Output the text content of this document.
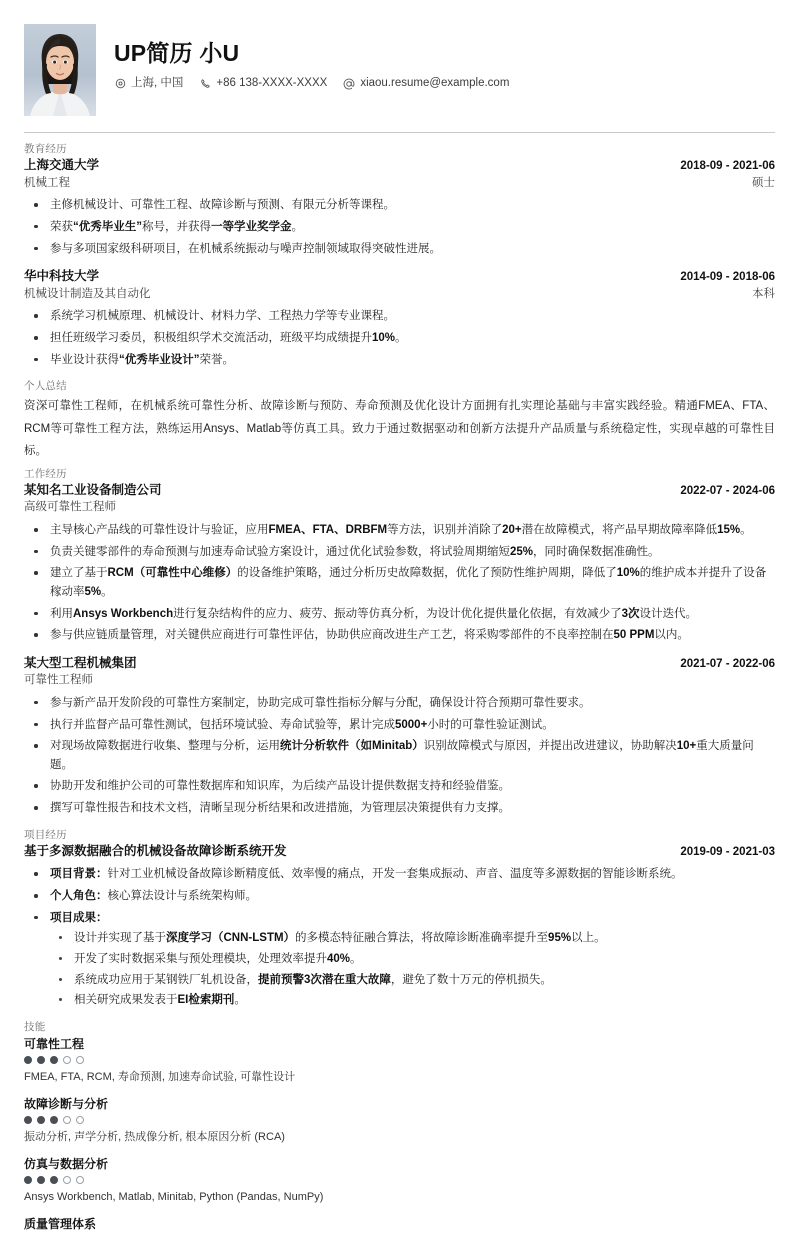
UP简历 小U
上海, 中国	+86 138-XXXX-XXXX	xiaou.resume@example.com
教育经历
上海交通大学	2018-09 - 2021-06
机械工程	硕士
主修机械设计、可靠性工程、故障诊断与预测、有限元分析等课程。
荣获“优秀毕业生”称号，并获得一等学业奖学金。
参与多项国家级科研项目，在机械系统振动与噪声控制领域取得突破性进展。
华中科技大学	2014-09 - 2018-06
机械设计制造及其自动化	本科
系统学习机械原理、机械设计、材料力学、工程热力学等专业课程。
担任班级学习委员，积极组织学术交流活动，班级平均成绩提升10%。
毕业设计获得“优秀毕业设计”荣誉。
个人总结

资深可靠性工程师，在机械系统可靠性分析、故障诊断与预防、寿命预测及优化设计方面拥有扎实理论基础与丰富实践经验。精通FMEA、FTA、RCM等可靠性工程方法，熟练运用Ansys、Matlab等仿真工具。致力于通过数据驱动和创新方法提升产品质量与系统稳定性，实现卓越的可靠性目标。

工作经历
某知名工业设备制造公司	2022-07 - 2024-06
高级可靠性工程师
主导核心产品线的可靠性设计与验证，应用FMEA、FTA、DRBFM等方法，识别并消除了20+潜在故障模式，将产品早期故障率降低15%。
负责关键零部件的寿命预测与加速寿命试验方案设计，通过优化试验参数，将试验周期缩短25%，同时确保数据准确性。
建立了基于RCM（可靠性中心维修）的设备维护策略，通过分析历史故障数据，优化了预防性维护周期，降低了10%的维护成本并提升了设备稼动率5%。
利用Ansys Workbench进行复杂结构件的应力、疲劳、振动等仿真分析，为设计优化提供量化依据，有效减少了3次设计迭代。
参与供应链质量管理，对关键供应商进行可靠性评估，协助供应商改进生产工艺，将采购零部件的不良率控制在50 PPM以内。
某大型工程机械集团	2021-07 - 2022-06
可靠性工程师
参与新产品开发阶段的可靠性方案制定，协助完成可靠性指标分解与分配，确保设计符合预期可靠性要求。
执行并监督产品可靠性测试，包括环境试验、寿命试验等，累计完成5000+小时的可靠性验证测试。
对现场故障数据进行收集、整理与分析，运用统计分析软件（如Minitab）识别故障模式与原因，并提出改进建议，协助解决10+重大质量问题。
协助开发和维护公司的可靠性数据库和知识库，为后续产品设计提供数据支持和经验借鉴。
撰写可靠性报告和技术文档，清晰呈现分析结果和改进措施，为管理层决策提供有力支撑。
项目经历
基于多源数据融合的机械设备故障诊断系统开发	2019-09 - 2021-03
项目背景：针对工业机械设备故障诊断精度低、效率慢的痛点，开发一套集成振动、声音、温度等多源数据的智能诊断系统。
个人角色：核心算法设计与系统架构师。
项目成果：
设计并实现了基于深度学习（CNN-LSTM）的多模态特征融合算法，将故障诊断准确率提升至95%以上。
开发了实时数据采集与预处理模块，处理效率提升40%。
系统成功应用于某钢铁厂轧机设备，提前预警3次潜在重大故障，避免了数十万元的停机损失。
相关研究成果发表于EI检索期刊。
技能
可靠性工程
FMEA, FTA, RCM, 寿命预测, 加速寿命试验, 可靠性设计
故障诊断与分析
振动分析, 声学分析, 热成像分析, 根本原因分析 (RCA)
仿真与数据分析
Ansys Workbench, Matlab, Minitab, Python (Pandas, NumPy)
质量管理体系
